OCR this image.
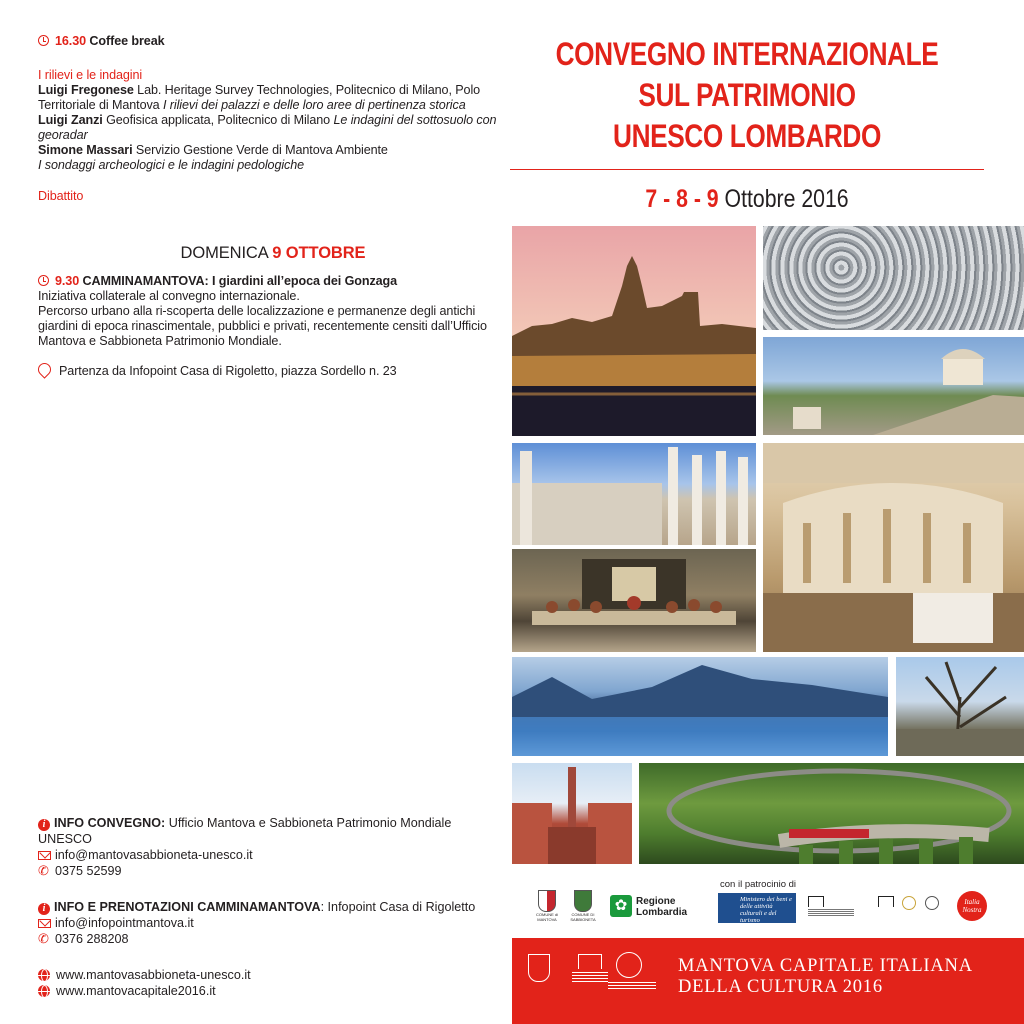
16.30 Coffee break
I rilievi e le indagini
Luigi Fregonese Lab. Heritage Survey Technologies, Politecnico di Milano, Polo Territoriale di Mantova I rilievi dei palazzi e delle loro aree di pertinenza storica
Luigi Zanzi Geofisica applicata, Politecnico di Milano Le indagini del sottosuolo con georadar
Simone Massari Servizio Gestione Verde di Mantova Ambiente
I sondaggi archeologici e le indagini pedologiche
Dibattito
DOMENICA 9 OTTOBRE
9.30 CAMMINAMANTOVA: I giardini all’epoca dei Gonzaga
Iniziativa collaterale al convegno internazionale.
Percorso urbano alla ri-scoperta delle localizzazione e permanenze degli antichi giardini di epoca rinascimentale, pubblici e privati, recentemente censiti dall’Ufficio Mantova e Sabbioneta Patrimonio Mondiale.
Partenza da Infopoint Casa di Rigoletto, piazza Sordello n. 23
i INFO CONVEGNO: Ufficio Mantova e Sabbioneta Patrimonio Mondiale UNESCO
info@mantovasabbioneta-unesco.it
✆ 0375 52599
i INFO E PRENOTAZIONI CAMMINAMANTOVA: Infopoint Casa di Rigoletto
info@infopointmantova.it
✆ 0376 288208
www.mantovasabbioneta-unesco.it
www.mantovacapitale2016.it
CONVEGNO INTERNAZIONALE
SUL PATRIMONIO
UNESCO LOMBARDO
7 - 8 - 9 Ottobre 2016
con il patrocinio di
COMUNE di MANTOVA
COMUNE DI SABBIONETA
✿ Regione
Lombardia
Ministero dei beni e delle attività culturali e del turismo

Italia Nostra
MANTOVA CAPITALE ITALIANA
DELLA CULTURA 2016
